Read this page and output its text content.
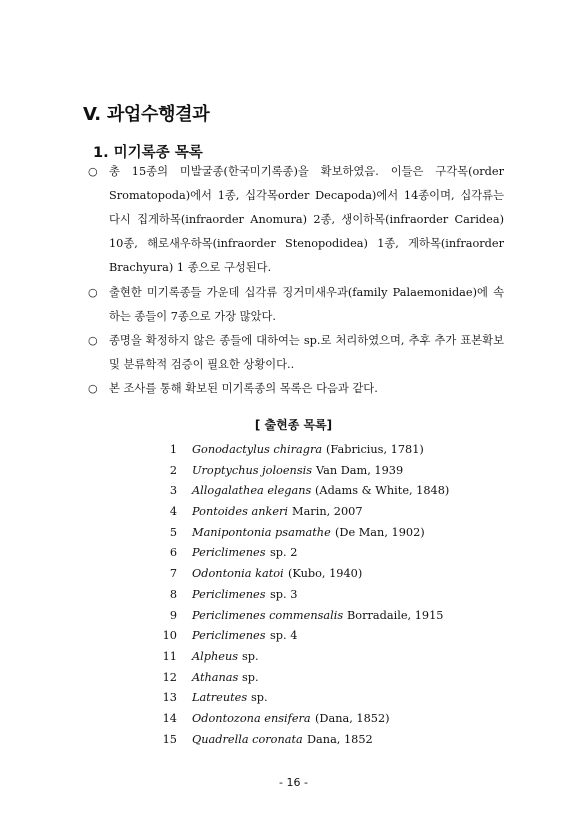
V. 과업수행결과
1. 미기록종 목록
○	총 15종의 미발굴종(한국미기록종)을 확보하였음. 이들은 구각목(order Sromatopoda)에서 1종, 십각목order Decapoda)에서 14종이며, 십각류는 다시 집게하목(infraorder Anomura) 2종, 생이하목(infraorder Caridea) 10종, 해로새우하목(infraorder Stenopodidea) 1종, 게하목(infraorder Brachyura) 1 종으로 구성된다.
○	출현한 미기록종들 가운데 십각류 징거미새우과(family Palaemonidae)에 속하는 종들이 7종으로 가장 많았다.
○	종명을 확정하지 않은 종들에 대하여는 sp.로 처리하였으며, 추후 추가 표본확보 및 분류학적 검증이 필요한 상황이다..
○	본 조사를 통해 확보된 미기록종의 목록은 다음과 같다.
[ 출현종 목록]
1 Gonodactylus chiragra (Fabricius, 1781)
2 Uroptychus joloensis Van Dam, 1939
3 Allogalathea elegans (Adams & White, 1848)
4 Pontoides ankeri Marin, 2007
5 Manipontonia psamathe (De Man, 1902)
6 Periclimenes sp. 2
7 Odontonia katoi (Kubo, 1940)
8 Periclimenes sp. 3
9 Periclimenes commensalis Borradaile, 1915
10 Periclimenes sp. 4
11 Alpheus sp.
12 Athanas sp.
13 Latreutes sp.
14 Odontozona ensifera (Dana, 1852)
15 Quadrella coronata Dana, 1852
- 16 -
